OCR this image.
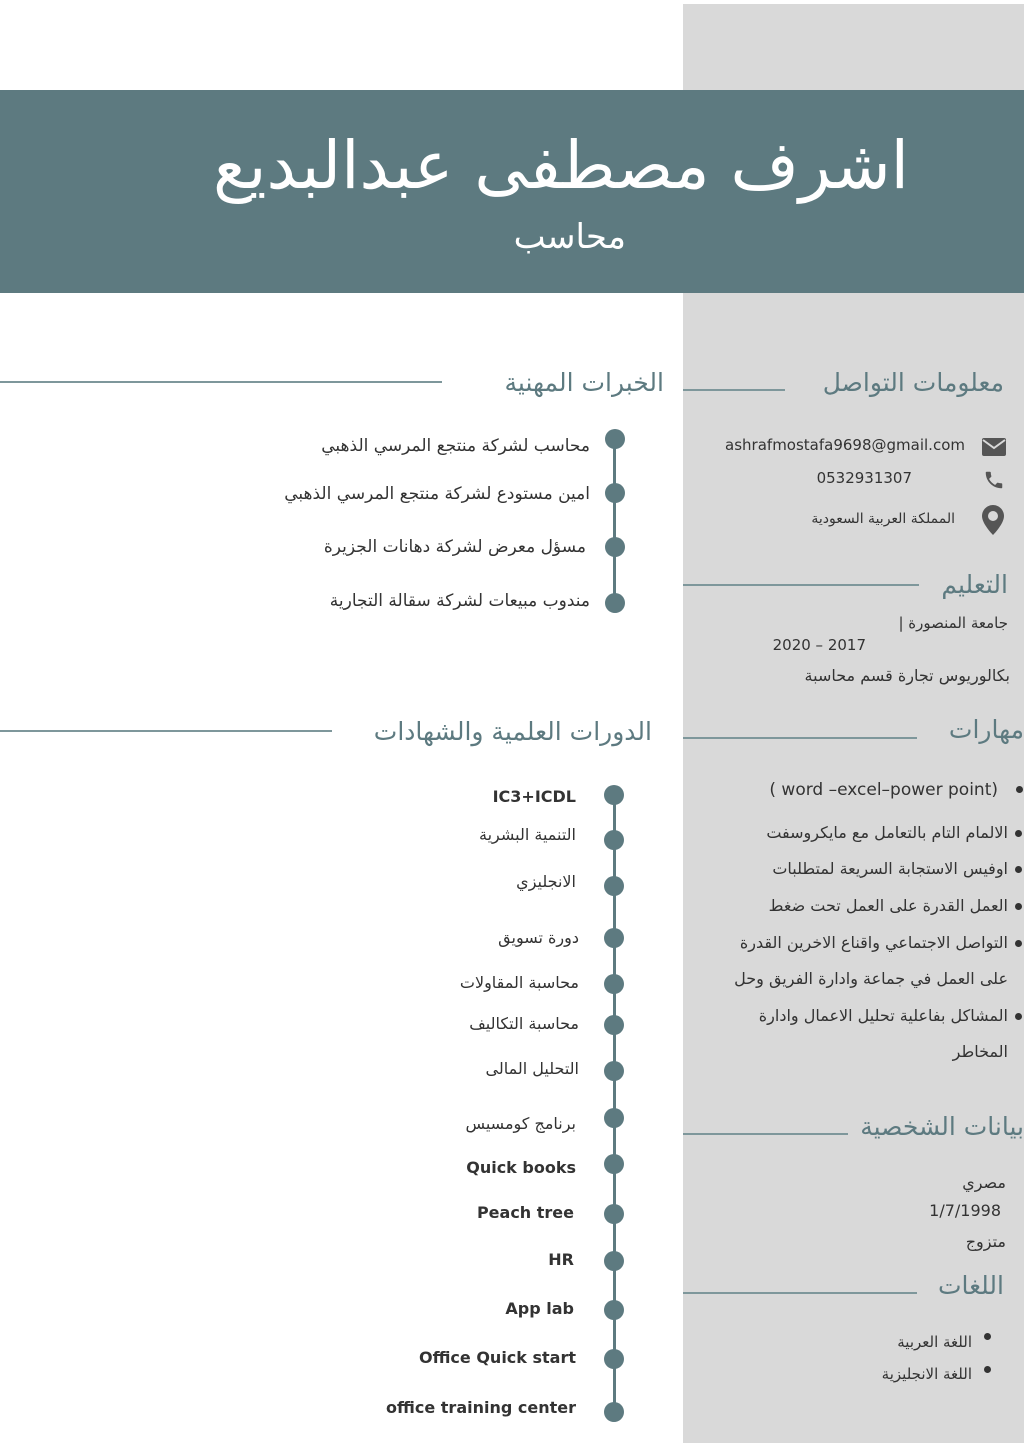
اشرف مصطفى عبدالبديع
محاسب
الخبرات المهنية
محاسب لشركة منتجع المرسي الذهبي
امين مستودع لشركة منتجع المرسي الذهبي
مسؤل معرض لشركة دهانات الجزيرة
مندوب مبيعات لشركة سقالة التجارية
الدورات العلمية والشهادات
IC3+ICDL
التنمية البشرية
الانجليزي
دورة تسويق
محاسبة المقاولات
محاسبة التكاليف
التحليل المالى
برنامج كومسيس
Quick books
Peach tree
HR
App lab
Office Quick start
office training center
معلومات التواصل
ashrafmostafa9698@gmail.com
0532931307
المملكة العربية السعودية
التعليم
جامعة المنصورة |
2020 – 2017
بكالوريوس تجارة قسم محاسبة
مهارات
( word –excel–power point)
الالمام التام بالتعامل مع مايكروسفت
اوفيس الاستجابة السريعة لمتطلبات
العمل القدرة على العمل تحت ضغط
التواصل الاجتماعي واقناع الاخرين القدرة
على العمل في جماعة وادارة الفريق وحل
المشاكل بفاعلية تحليل الاعمال وادارة
المخاطر
بيانات الشخصية
مصري
1/7/1998
متزوج
اللغات
اللغة العربية
اللغة الانجليزية
